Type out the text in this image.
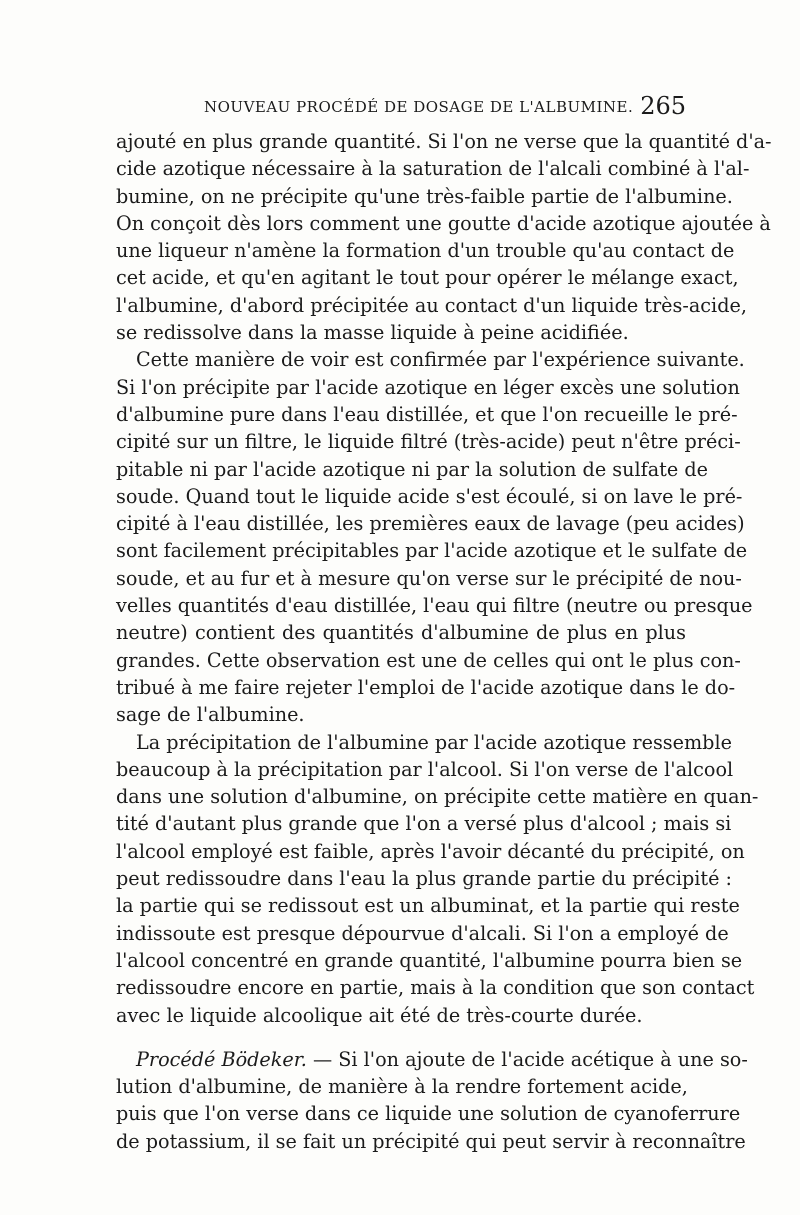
NOUVEAU PROCÉDÉ DE DOSAGE DE L'ALBUMINE. 265
ajouté en plus grande quantité. Si l'on ne verse que la quantité d'a-
cide azotique nécessaire à la saturation de l'alcali combiné à l'al-
bumine, on ne précipite qu'une très-faible partie de l'albumine.
On conçoit dès lors comment une goutte d'acide azotique ajoutée à
une liqueur n'amène la formation d'un trouble qu'au contact de
cet acide, et qu'en agitant le tout pour opérer le mélange exact,
l'albumine, d'abord précipitée au contact d'un liquide très-acide,
se redissolve dans la masse liquide à peine acidifiée.
Cette manière de voir est confirmée par l'expérience suivante.
Si l'on précipite par l'acide azotique en léger excès une solution
d'albumine pure dans l'eau distillée, et que l'on recueille le pré-
cipité sur un filtre, le liquide filtré (très-acide) peut n'être préci-
pitable ni par l'acide azotique ni par la solution de sulfate de
soude. Quand tout le liquide acide s'est écoulé, si on lave le pré-
cipité à l'eau distillée, les premières eaux de lavage (peu acides)
sont facilement précipitables par l'acide azotique et le sulfate de
soude, et au fur et à mesure qu'on verse sur le précipité de nou-
velles quantités d'eau distillée, l'eau qui filtre (neutre ou presque
neutre) contient des quantités d'albumine de plus en plus
grandes. Cette observation est une de celles qui ont le plus con-
tribué à me faire rejeter l'emploi de l'acide azotique dans le do-
sage de l'albumine.
La précipitation de l'albumine par l'acide azotique ressemble
beaucoup à la précipitation par l'alcool. Si l'on verse de l'alcool
dans une solution d'albumine, on précipite cette matière en quan-
tité d'autant plus grande que l'on a versé plus d'alcool ; mais si
l'alcool employé est faible, après l'avoir décanté du précipité, on
peut redissoudre dans l'eau la plus grande partie du précipité :
la partie qui se redissout est un albuminat, et la partie qui reste
indissoute est presque dépourvue d'alcali. Si l'on a employé de
l'alcool concentré en grande quantité, l'albumine pourra bien se
redissoudre encore en partie, mais à la condition que son contact
avec le liquide alcoolique ait été de très-courte durée.
Procédé Bödeker. — Si l'on ajoute de l'acide acétique à une so-
lution d'albumine, de manière à la rendre fortement acide,
puis que l'on verse dans ce liquide une solution de cyanoferrure
de potassium, il se fait un précipité qui peut servir à reconnaître
